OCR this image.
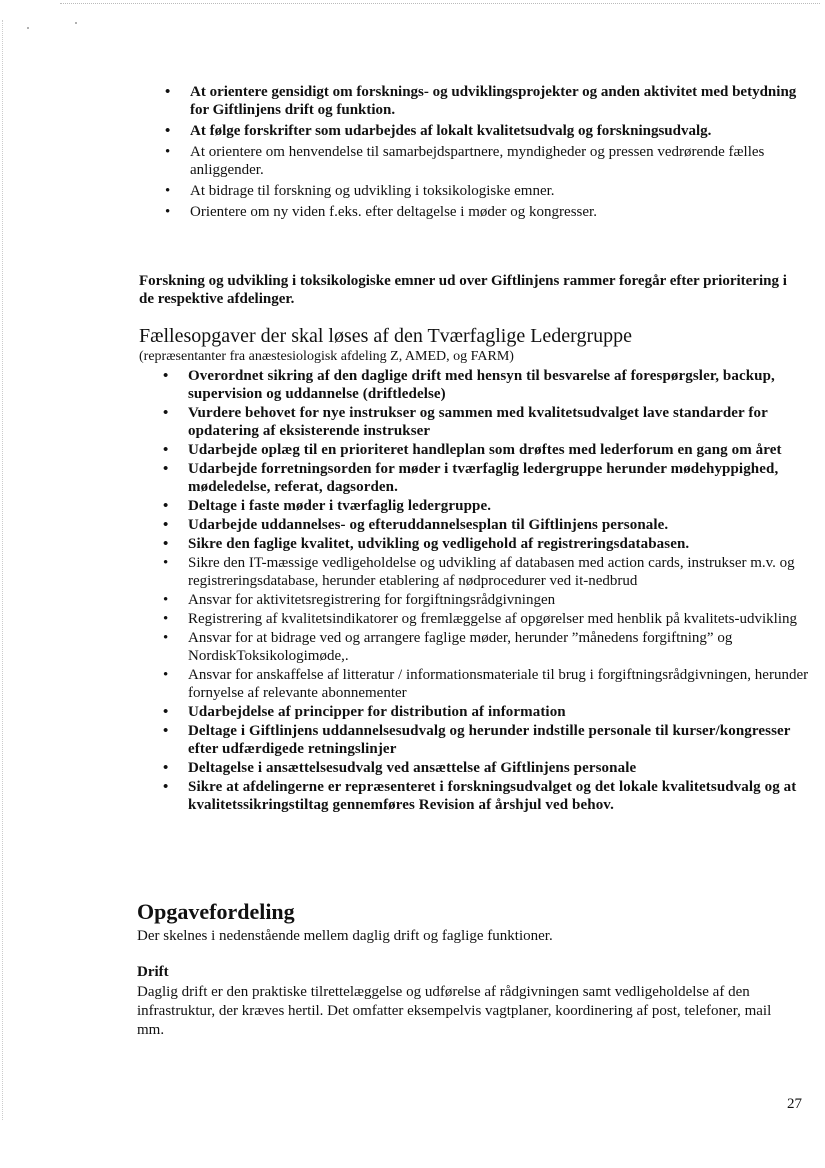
• At orientere gensidigt om forsknings- og udviklingsprojekter og anden aktivitet med betydning for Giftlinjens drift og funktion.
• At følge forskrifter som udarbejdes af lokalt kvalitetsudvalg og forskningsudvalg.
• At orientere om henvendelse til samarbejdspartnere, myndigheder og pressen vedrørende fælles anliggender.
• At bidrage til forskning og udvikling i toksikologiske emner.
• Orientere om ny viden f.eks. efter deltagelse i møder og kongresser.

Forskning og udvikling i toksikologiske emner ud over Giftlinjens rammer foregår efter prioritering i de respektive afdelinger.

Fællesopgaver der skal løses af den Tværfaglige Ledergruppe

(repræsentanter fra anæstesiologisk afdeling Z, AMED, og FARM)

• Overordnet sikring af den daglige drift med hensyn til besvarelse af forespørgsler, backup, supervision og uddannelse (driftledelse)
• Vurdere behovet for nye instrukser og sammen med kvalitetsudvalget lave standarder for opdatering af eksisterende instrukser
• Udarbejde oplæg til en prioriteret handleplan som drøftes med lederforum en gang om året
• Udarbejde forretningsorden for møder i tværfaglig ledergruppe herunder mødehyppighed, mødeledelse, referat, dagsorden.
• Deltage i faste møder i tværfaglig ledergruppe.
• Udarbejde uddannelses- og efteruddannelsesplan til Giftlinjens personale.
• Sikre den faglige kvalitet, udvikling og vedligehold af registreringsdatabasen.
• Sikre den IT-mæssige vedligeholdelse og udvikling af databasen med action cards, instrukser m.v. og registreringsdatabase, herunder etablering af nødprocedurer ved it-nedbrud
• Ansvar for aktivitetsregistrering for forgiftningsrådgivningen
• Registrering af kvalitetsindikatorer og fremlæggelse af opgørelser med henblik på kvalitets-udvikling
• Ansvar for at bidrage ved og arrangere faglige møder, herunder ”månedens forgiftning” og NordiskToksikologimøde,.
• Ansvar for anskaffelse af litteratur / informationsmateriale til brug i forgiftningsrådgivningen, herunder fornyelse af relevante abonnementer
• Udarbejdelse af principper for distribution af information
• Deltage i Giftlinjens uddannelsesudvalg og herunder indstille personale til kurser/kongresser efter udfærdigede retningslinjer
• Deltagelse i ansættelsesudvalg ved ansættelse af Giftlinjens personale
• Sikre at afdelingerne er repræsenteret i forskningsudvalget og det lokale kvalitetsudvalg og at kvalitetssikringstiltag gennemføres Revision af årshjul ved behov.
Opgavefordeling

Der skelnes i nedenstående mellem daglig drift og faglige funktioner.

Drift

Daglig drift er den praktiske tilrettelæggelse og udførelse af rådgivningen samt vedligeholdelse af den infrastruktur, der kræves hertil. Det omfatter eksempelvis vagtplaner, koordinering af post, telefoner, mail mm.

27
